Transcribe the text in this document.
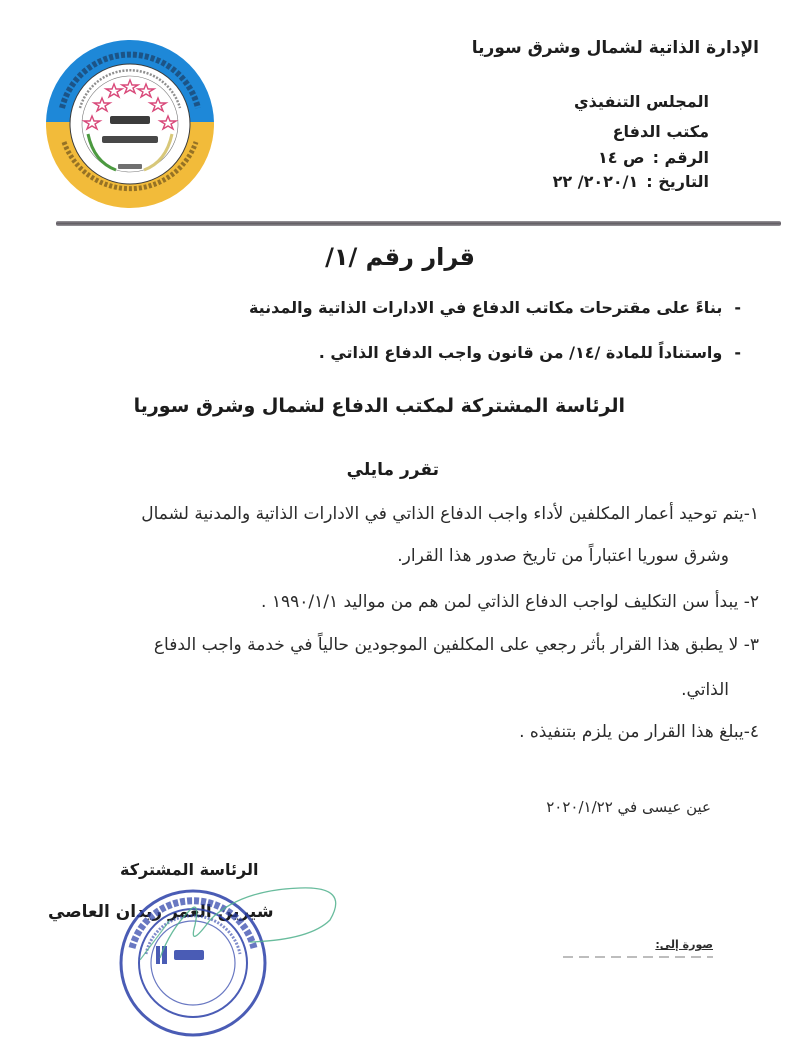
الإدارة الذاتية لشمال وشرق سوريا
المجلس التنفيذي
مكتب الدفاع
الرقم :ص ١٤
التاريخ :٢٠٢٠/١/ ٢٢
قرار رقم /١/
-بناءً على مقترحات مكاتب الدفاع في الادارات الذاتية والمدنية
-واستناداً للمادة /١٤/ من قانون واجب الدفاع الذاتي .
الرئاسة المشتركة لمكتب الدفاع لشمال وشرق سوريا
تقرر مايلي
١-يتم توحيد أعمار المكلفين لأداء واجب الدفاع الذاتي في الادارات الذاتية والمدنية لشمال
وشرق سوريا اعتباراً من تاريخ صدور هذا القرار.
٢- يبدأ سن التكليف لواجب الدفاع الذاتي لمن هم من مواليد ١٩٩٠/١/١ .
٣- لا يطبق هذا القرار بأثر رجعي على المكلفين الموجودين حالياً في خدمة واجب الدفاع
الذاتي.
٤-يبلغ هذا القرار من يلزم بتنفيذه .
عين عيسى في ٢٠٢٠/١/٢٢
الرئاسة المشتركة
شيرين العمر ريدان العاصي
صورة إلى:
